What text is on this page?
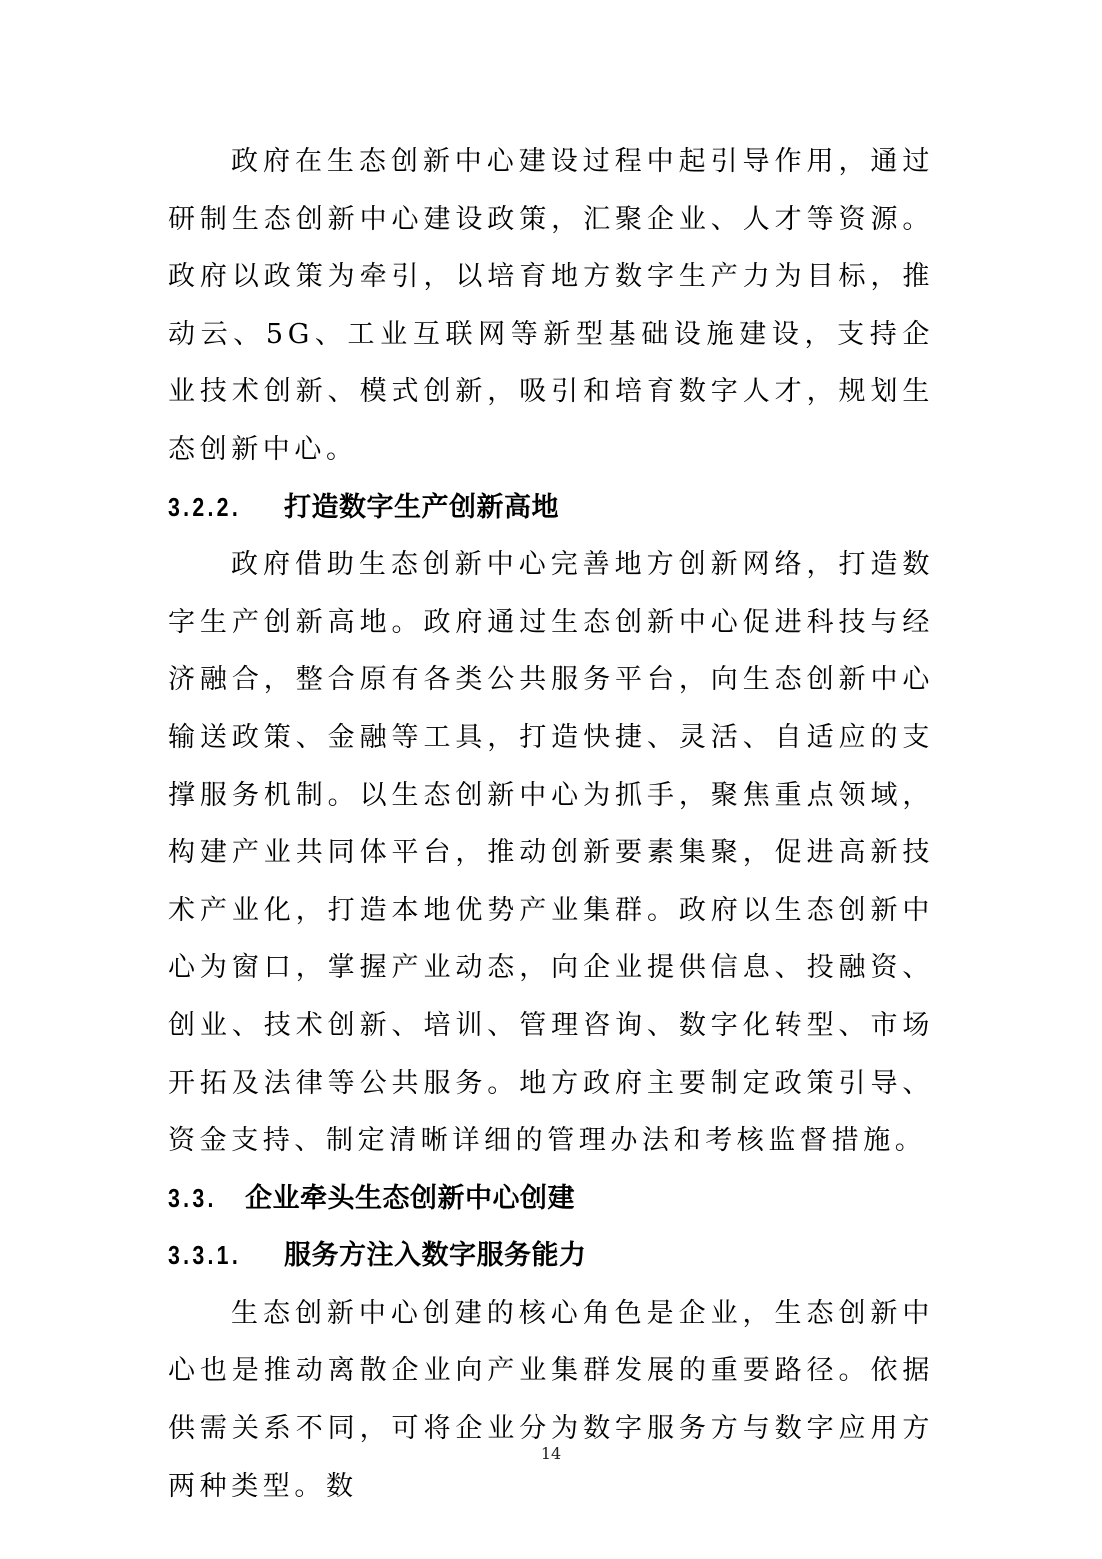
政府在生态创新中心建设过程中起引导作用，通过研制生态创新中心建设政策，汇聚企业、人才等资源。政府以政策为牵引，以培育地方数字生产力为目标，推动云、5G、工业互联网等新型基础设施建设，支持企业技术创新、模式创新，吸引和培育数字人才，规划生态创新中心。

3.2.2.	打造数字生产创新高地

政府借助生态创新中心完善地方创新网络，打造数字生产创新高地。政府通过生态创新中心促进科技与经济融合，整合原有各类公共服务平台，向生态创新中心输送政策、金融等工具，打造快捷、灵活、自适应的支撑服务机制。以生态创新中心为抓手，聚焦重点领域，构建产业共同体平台，推动创新要素集聚，促进高新技术产业化，打造本地优势产业集群。政府以生态创新中心为窗口，掌握产业动态，向企业提供信息、投融资、创业、技术创新、培训、管理咨询、数字化转型、市场开拓及法律等公共服务。地方政府主要制定政策引导、资金支持、制定清晰详细的管理办法和考核监督措施。

3.3.	企业牵头生态创新中心创建
3.3.1.	服务方注入数字服务能力

生态创新中心创建的核心角色是企业，生态创新中心也是推动离散企业向产业集群发展的重要路径。依据供需关系不同，可将企业分为数字服务方与数字应用方两种类型。数

14
